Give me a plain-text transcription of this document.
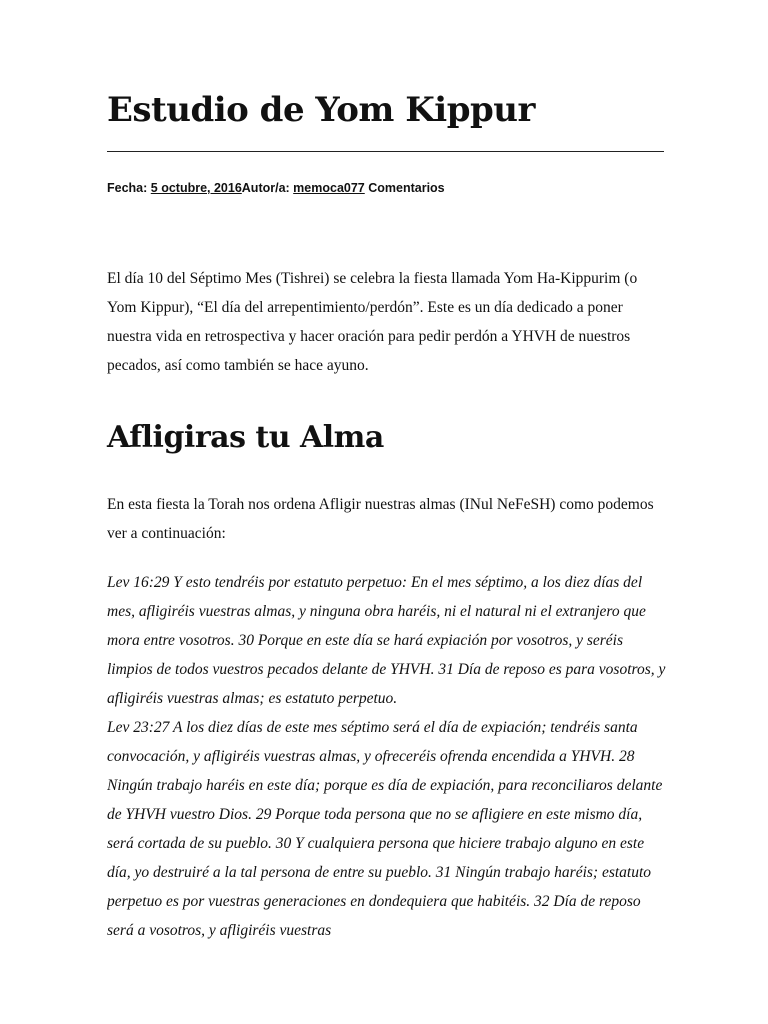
Estudio de Yom Kippur
Fecha: 5 octubre, 2016Autor/a: memoca077 Comentarios

El día 10 del Séptimo Mes (Tishrei) se celebra la fiesta llamada Yom Ha-Kippurim (o Yom Kippur), “El día del arrepentimiento/perdón”. Este es un día dedicado a poner nuestra vida en retrospectiva y hacer oración para pedir perdón a YHVH de nuestros pecados, así como también se hace ayuno.

Afligiras tu Alma

En esta fiesta la Torah nos ordena Afligir nuestras almas (INul NeFeSH) como podemos ver a continuación:

Lev 16:29 Y esto tendréis por estatuto perpetuo: En el mes séptimo, a los diez días del mes, afligiréis vuestras almas, y ninguna obra haréis, ni el natural ni el extranjero que mora entre vosotros. 30 Porque en este día se hará expiación por vosotros, y seréis limpios de todos vuestros pecados delante de YHVH. 31 Día de reposo es para vosotros, y afligiréis vuestras almas; es estatuto perpetuo.
Lev 23:27 A los diez días de este mes séptimo será el día de expiación; tendréis santa convocación, y afligiréis vuestras almas, y ofreceréis ofrenda encendida a YHVH. 28 Ningún trabajo haréis en este día; porque es día de expiación, para reconciliaros delante de YHVH vuestro Dios. 29 Porque toda persona que no se afligiere en este mismo día, será cortada de su pueblo. 30 Y cualquiera persona que hiciere trabajo alguno en este día, yo destruiré a la tal persona de entre su pueblo. 31 Ningún trabajo haréis; estatuto perpetuo es por vuestras generaciones en dondequiera que habitéis. 32 Día de reposo será a vosotros, y afligiréis vuestras
